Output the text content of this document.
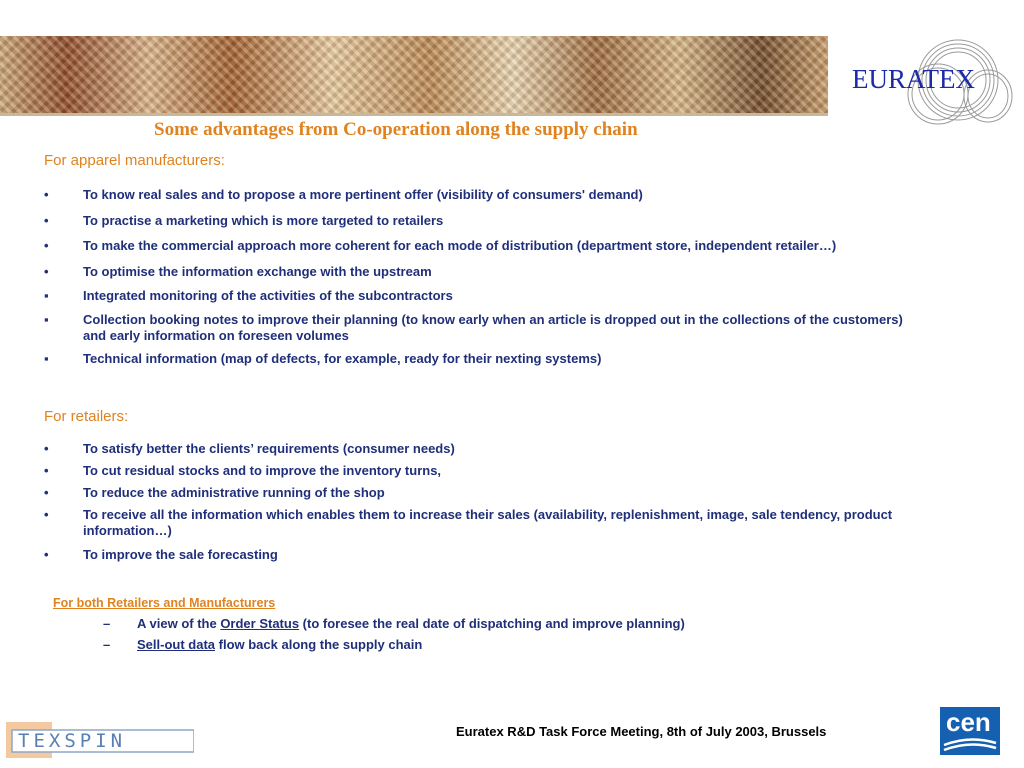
EURATEX
Some advantages from Co-operation along the supply chain
For apparel manufacturers:
•	To know real sales and to propose a more pertinent offer (visibility of consumers' demand)
•	To practise a marketing which is more targeted to retailers
•	To make the commercial approach more coherent for each mode of distribution (department store, independent retailer…)
•	To optimise the information exchange with the upstream
▪	Integrated monitoring of the activities of the subcontractors
▪	Collection booking notes to improve their planning (to know early when an article is dropped out in the collections of the customers) and early information on foreseen volumes
▪	Technical information (map of defects, for example, ready for their nexting systems)
For retailers:
•	To satisfy better the clients’ requirements (consumer needs)
•	To cut residual stocks and to improve the inventory turns,
•	To reduce the administrative running of the shop
•	To receive all the information which enables them to increase their sales (availability, replenishment, image, sale tendency, product information…)
•	To improve the sale forecasting
For both Retailers and Manufacturers
– A view of the Order Status (to foresee the real date of dispatching and improve planning)
– Sell-out data flow back along the supply chain
TEXSPIN	Euratex R&D Task Force Meeting, 8th of July 2003, Brussels	cen
